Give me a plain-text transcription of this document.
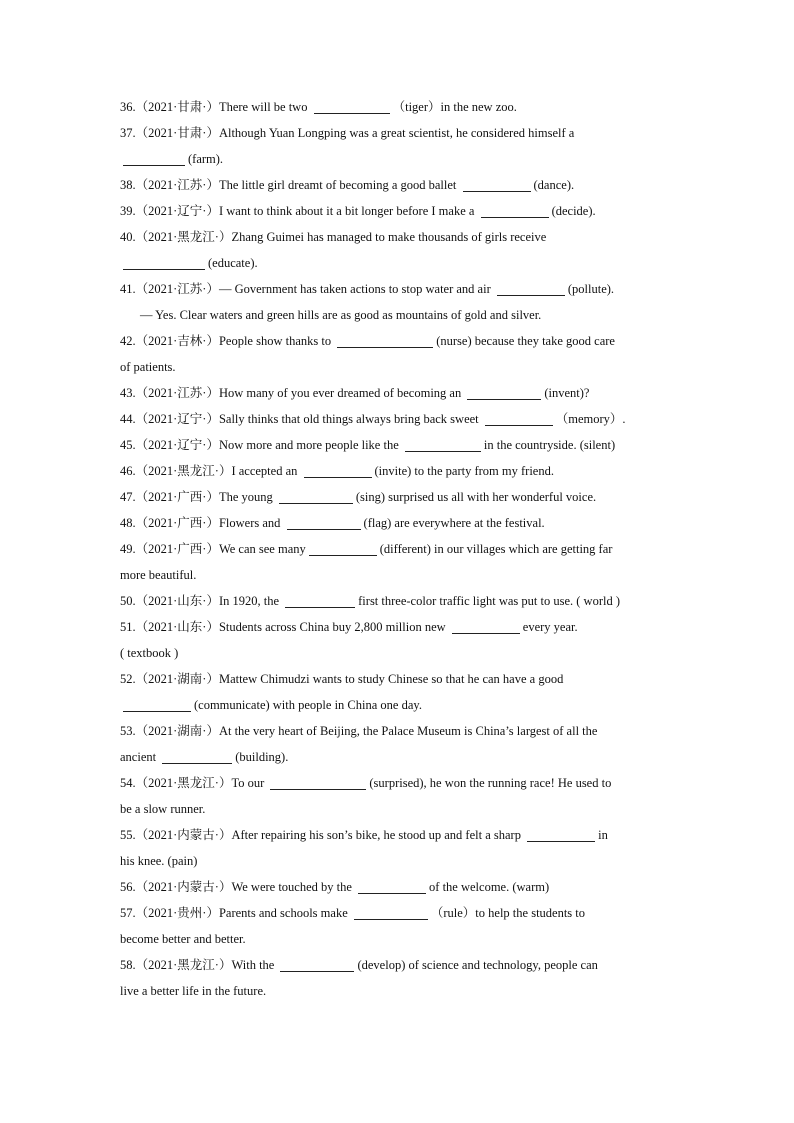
36.（2021·甘肃·）There will be two	（tiger）in the new zoo.
37.（2021·甘肃·）Although Yuan Longping was a great scientist, he considered himself a
(farm).
38.（2021·江苏·）The little girl dreamt of becoming a good ballet	(dance).
39.（2021·辽宁·）I want to think about it a bit longer before I make a	(decide).
40.（2021·黑龙江·）Zhang Guimei has managed to make thousands of girls receive
(educate).
41.（2021·江苏·）— Government has taken actions to stop water and air	(pollute).
— Yes. Clear waters and green hills are as good as mountains of gold and silver.
42.（2021·吉林·）People show thanks to	(nurse) because they take good care
of patients.
43.（2021·江苏·）How many of you ever dreamed of becoming an	(invent)?
44.（2021·辽宁·）Sally thinks that old things always bring back sweet	（memory）.
45.（2021·辽宁·）Now more and more people like the	in the countryside. (silent)
46.（2021·黑龙江·）I accepted an	(invite) to the party from my friend.
47.（2021·广西·）The young	(sing) surprised us all with her wonderful voice.
48.（2021·广西·）Flowers and	(flag) are everywhere at the festival.
49.（2021·广西·）We can see many	(different) in our villages which are getting far
more beautiful.
50.（2021·山东·）In 1920, the	first three-color traffic light was put to use. ( world )
51.（2021·山东·）Students across China buy 2,800 million new	every year.
( textbook )
52.（2021·湖南·）Mattew Chimudzi wants to study Chinese so that he can have a good
(communicate) with people in China one day.
53.（2021·湖南·）At the very heart of Beijing, the Palace Museum is China’s largest of all the
ancient	(building).
54.（2021·黑龙江·）To our	(surprised), he won the running race! He used to
be a slow runner.
55.（2021·内蒙古·）After repairing his son’s bike, he stood up and felt a sharp	in
his knee. (pain)
56.（2021·内蒙古·）We were touched by the	of the welcome. (warm)
57.（2021·贵州·）Parents and schools make	（rule）to help the students to
become better and better.
58.（2021·黑龙江·）With the	(develop) of science and technology, people can
live a better life in the future.
